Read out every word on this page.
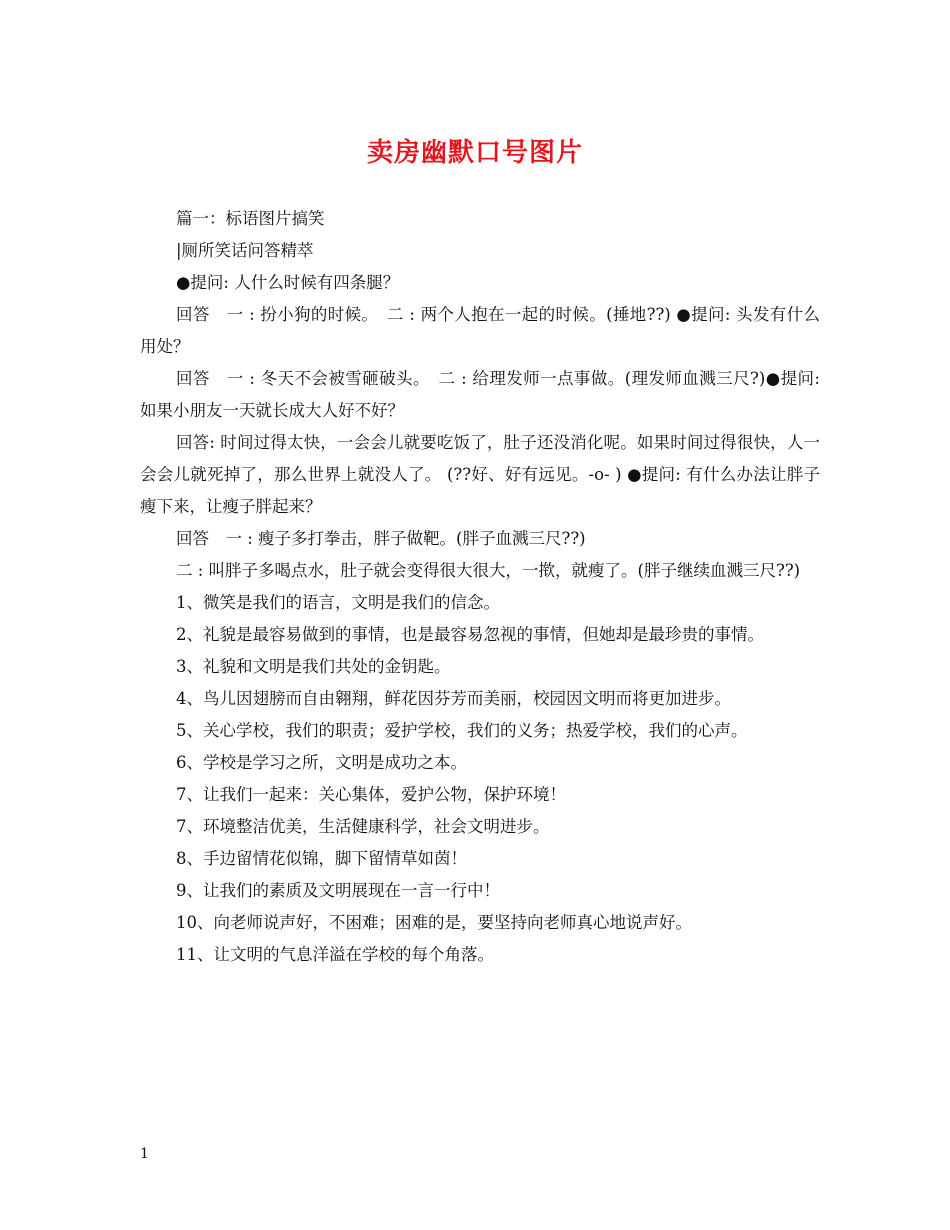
卖房幽默口号图片

篇一：标语图片搞笑

|厕所笑话问答精萃

●提问: 人什么时候有四条腿？

回答　一 : 扮小狗的时候。　二 : 两个人抱在一起的时候。(捶地??) ●提问: 头发有什么用处？

回答　一 : 冬天不会被雪砸破头。　二 : 给理发师一点事做。(理发师血溅三尺?)●提问: 如果小朋友一天就长成大人好不好？

回答: 时间过得太快，一会会儿就要吃饭了，肚子还没消化呢。如果时间过得很快，人一会会儿就死掉了，那么世界上就没人了。 (??好、好有远见。-o- ) ●提问: 有什么办法让胖子瘦下来，让瘦子胖起来？

回答　一 : 瘦子多打拳击，胖子做靶。(胖子血溅三尺??)

二 : 叫胖子多喝点水，肚子就会变得很大很大，一揿，就瘦了。(胖子继续血溅三尺??)

1、微笑是我们的语言，文明是我们的信念。

2、礼貌是最容易做到的事情，也是最容易忽视的事情，但她却是最珍贵的事情。

3、礼貌和文明是我们共处的金钥匙。

4、鸟儿因翅膀而自由翱翔，鲜花因芬芳而美丽，校园因文明而将更加进步。

5、关心学校，我们的职责；爱护学校，我们的义务；热爱学校，我们的心声。

6、学校是学习之所，文明是成功之本。

7、让我们一起来：关心集体，爱护公物，保护环境！

7、环境整洁优美，生活健康科学，社会文明进步。

8、手边留情花似锦，脚下留情草如茵！

9、让我们的素质及文明展现在一言一行中！

10、向老师说声好，不困难；困难的是，要坚持向老师真心地说声好。

11、让文明的气息洋溢在学校的每个角落。

1
